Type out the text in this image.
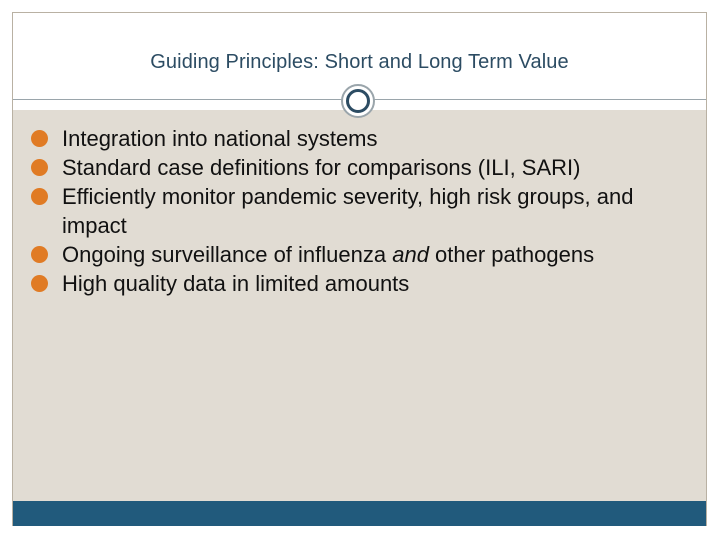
Guiding Principles: Short and Long Term Value
Integration into national systems
Standard case definitions for comparisons (ILI, SARI)
Efficiently monitor pandemic severity, high risk groups, and impact
Ongoing surveillance of influenza and other pathogens
High quality data in limited amounts
